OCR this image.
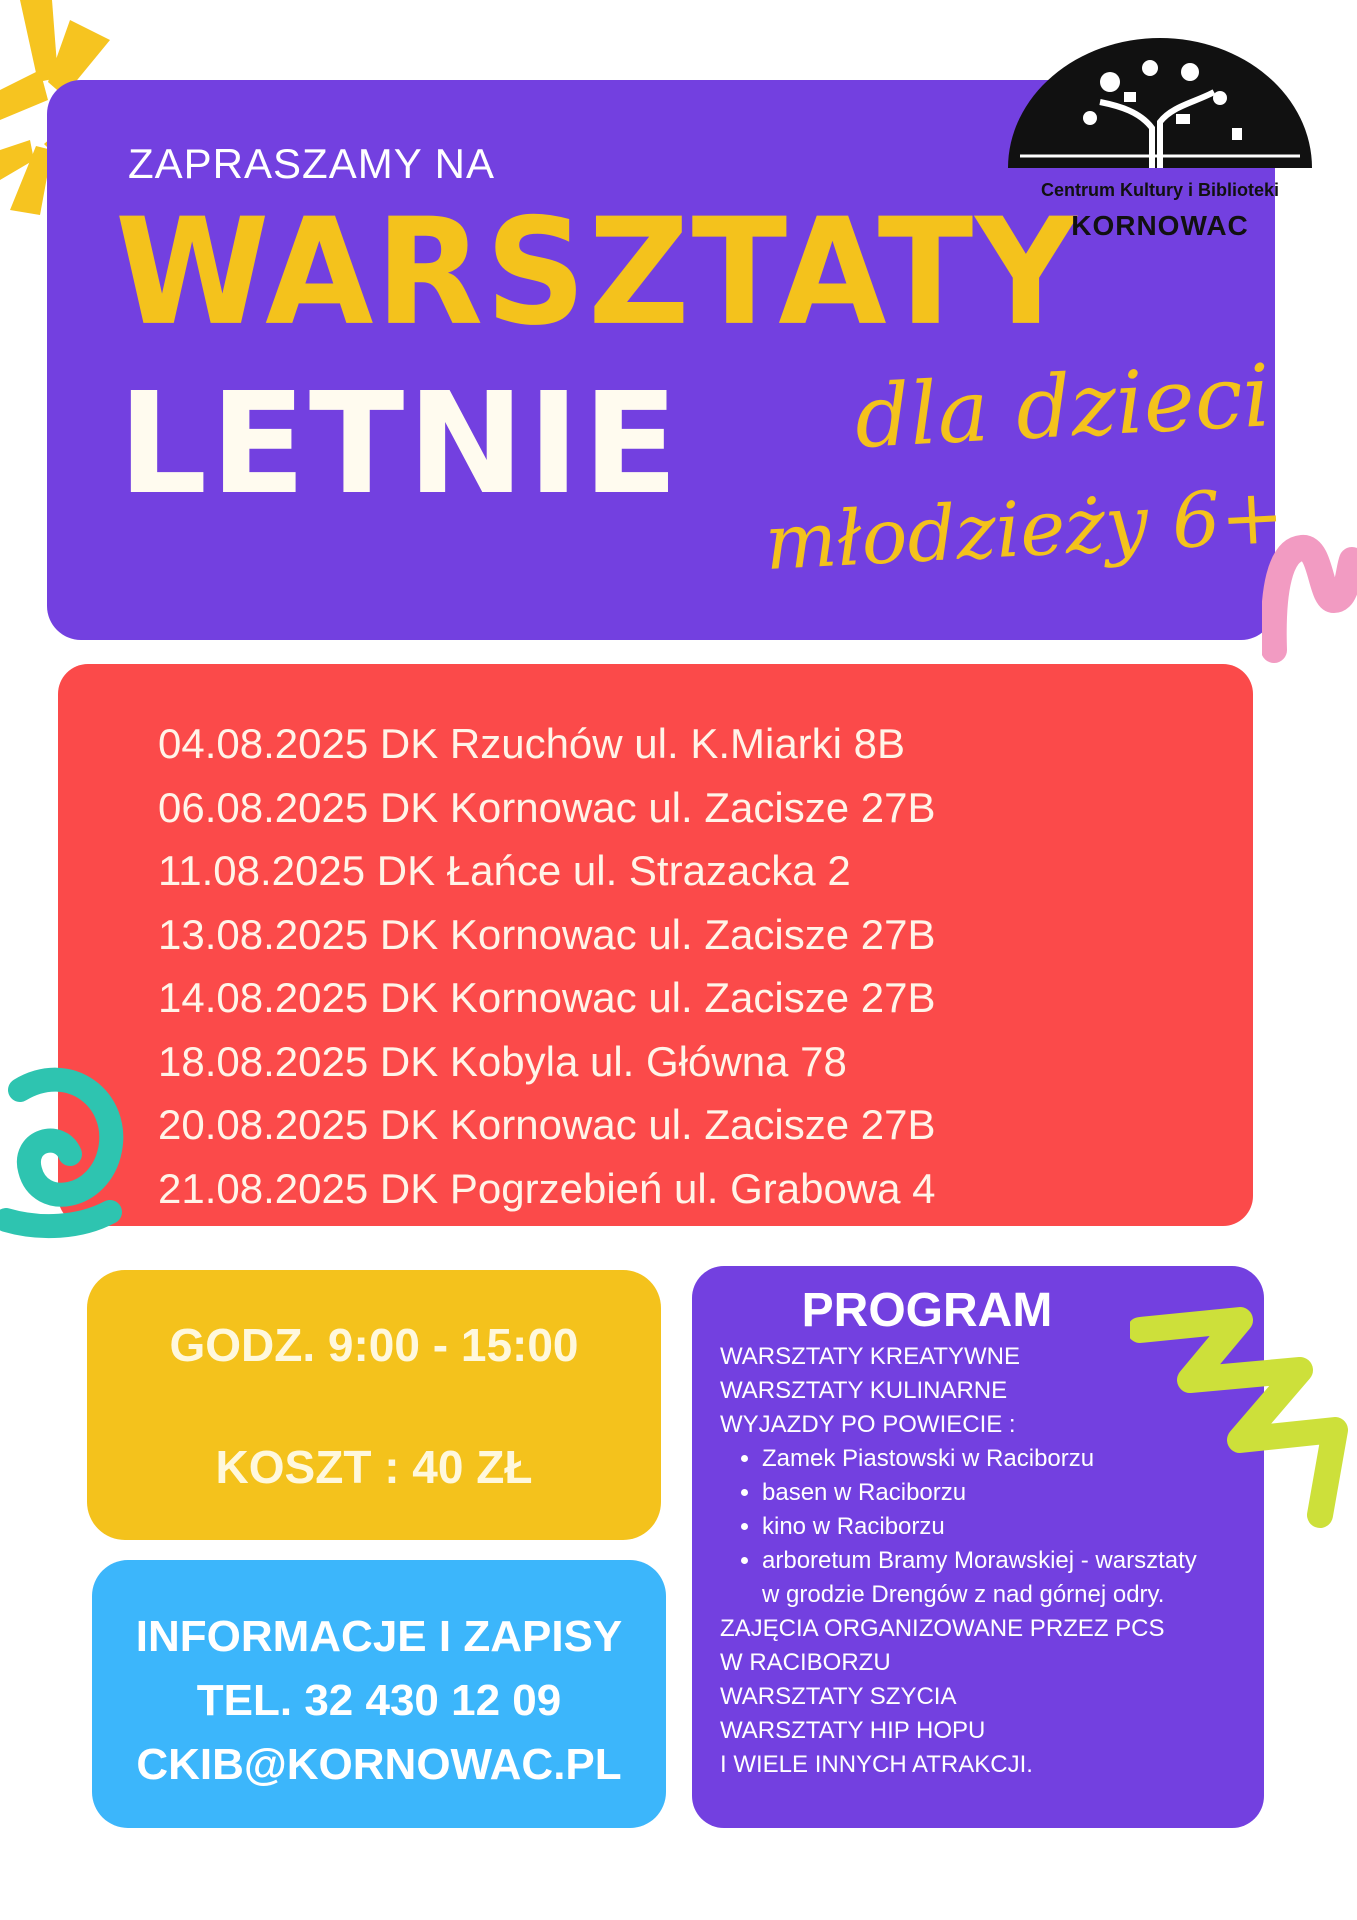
ZAPRASZAMY NA
WARSZTATY
LETNIE dla dzieci
młodzieży 6+
Centrum Kultury i Biblioteki
KORNOWAC
04.08.2025 DK Rzuchów ul. K.Miarki 8B
06.08.2025 DK Kornowac ul. Zacisze 27B
11.08.2025 DK Łańce ul. Strazacka 2
13.08.2025 DK Kornowac ul. Zacisze 27B
14.08.2025 DK Kornowac ul. Zacisze 27B
18.08.2025 DK Kobyla ul. Główna 78
20.08.2025 DK Kornowac ul. Zacisze 27B
21.08.2025 DK Pogrzebień ul. Grabowa 4
GODZ. 9:00 - 15:00
KOSZT : 40 ZŁ
INFORMACJE I ZAPISY
TEL. 32 430 12 09
CKIB@KORNOWAC.PL
PROGRAM
WARSZTATY KREATYWNE
WARSZTATY KULINARNE
WYJAZDY PO POWIECIE :
• Zamek Piastowski w Raciborzu
• basen w Raciborzu
• kino w Raciborzu
• arboretum Bramy Morawskiej - warsztaty w grodzie Drengów z nad górnej odry.
ZAJĘCIA ORGANIZOWANE PRZEZ PCS
W RACIBORZU
WARSZTATY SZYCIA
WARSZTATY HIP HOPU
I WIELE INNYCH ATRAKCJI.
